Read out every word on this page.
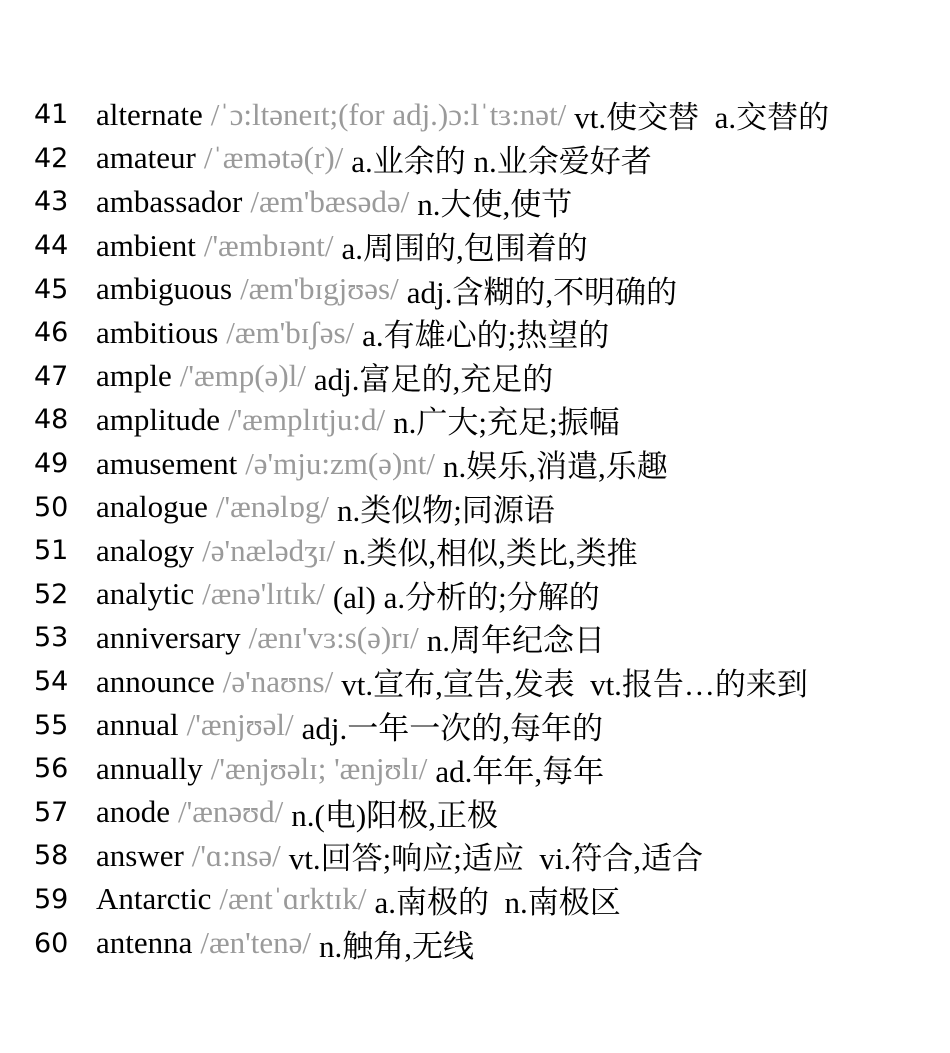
41 alternate /ˈɔ:ltəneɪt;(for adj.)ɔ:lˈtɜ:nət/ vt.使交替  a.交替的
42 amateur /ˈæmətə(r)/ a.业余的 n.业余爱好者
43 ambassador /æm'bæsədə/ n.大使,使节
44 ambient /'æmbɪənt/ a.周围的,包围着的
45 ambiguous /æm'bɪgjʊəs/ adj.含糊的,不明确的
46 ambitious /æm'bɪʃəs/ a.有雄心的;热望的
47 ample /'æmp(ə)l/ adj.富足的,充足的
48 amplitude /'æmplɪtju:d/ n.广大;充足;振幅
49 amusement /ə'mju:zm(ə)nt/ n.娱乐,消遣,乐趣
50 analogue /'ænəlɒg/ n.类似物;同源语
51 analogy /ə'nælədʒɪ/ n.类似,相似,类比,类推
52 analytic /ænə'lɪtɪk/ (al) a.分析的;分解的
53 anniversary /ænɪ'vɜ:s(ə)rɪ/ n.周年纪念日
54 announce /ə'naʊns/ vt.宣布,宣告,发表  vt.报告…的来到
55 annual /'ænjʊəl/ adj.一年一次的,每年的
56 annually /'ænjʊəlɪ; 'ænjʊlɪ/ ad.年年,每年
57 anode /'ænəʊd/ n.(电)阳极,正极
58 answer /'ɑ:nsə/ vt.回答;响应;适应  vi.符合,适合
59 Antarctic /æntˈɑrktɪk/ a.南极的  n.南极区
60 antenna /æn'tenə/ n.触角,无线
